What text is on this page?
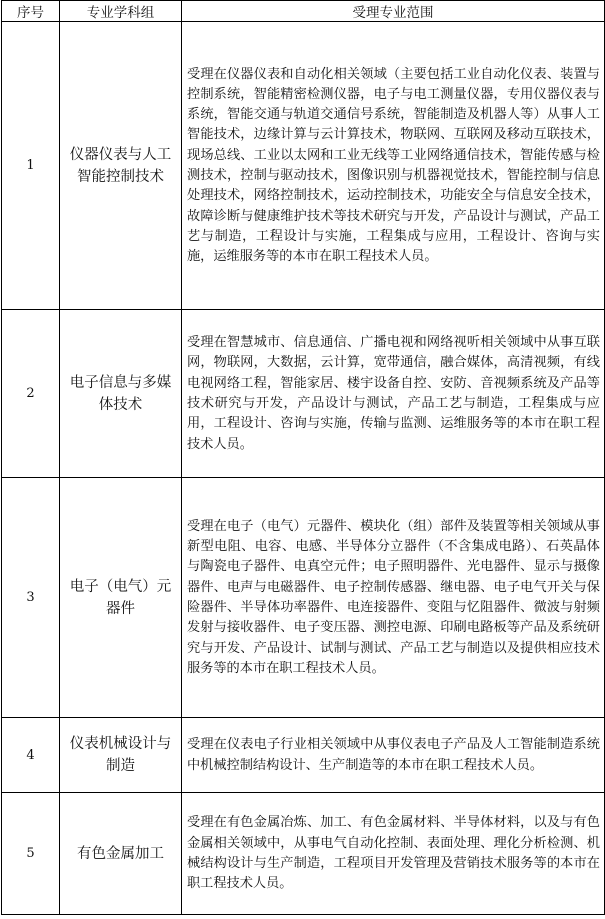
序号	专业学科组	受理专业范围
1	仪器仪表与人工智能控制技术	受理在仪器仪表和自动化相关领域（主要包括工业自动化仪表、装置与控制系统，智能精密检测仪器，电子与电工测量仪器，专用仪器仪表与系统，智能交通与轨道交通信号系统，智能制造及机器人等）从事人工智能技术，边缘计算与云计算技术，物联网、互联网及移动互联技术，现场总线、工业以太网和工业无线等工业网络通信技术，智能传感与检测技术，控制与驱动技术，图像识别与机器视觉技术，智能控制与信息处理技术，网络控制技术，运动控制技术，功能安全与信息安全技术，故障诊断与健康维护技术等技术研究与开发，产品设计与测试，产品工艺与制造，工程设计与实施，工程集成与应用，工程设计、咨询与实施，运维服务等的本市在职工程技术人员。
2	电子信息与多媒体技术	受理在智慧城市、信息通信、广播电视和网络视听相关领域中从事互联网，物联网，大数据，云计算，宽带通信，融合媒体，高清视频，有线电视网络工程，智能家居、楼宇设备自控、安防、音视频系统及产品等技术研究与开发，产品设计与测试，产品工艺与制造，工程集成与应用，工程设计、咨询与实施，传输与监测、运维服务等的本市在职工程技术人员。
3	电子（电气）元器件	受理在电子（电气）元器件、模块化（组）部件及装置等相关领域从事新型电阻、电容、电感、半导体分立器件（不含集成电路）、石英晶体与陶瓷电子器件、电真空元件；电子照明器件、光电器件、显示与摄像器件、电声与电磁器件、电子控制传感器、继电器、电子电气开关与保险器件、半导体功率器件、电连接器件、变阻与忆阻器件、微波与射频发射与接收器件、电子变压器、测控电源、印刷电路板等产品及系统研究与开发、产品设计、试制与测试、产品工艺与制造以及提供相应技术服务等的本市在职工程技术人员。
4	仪表机械设计与制造	受理在仪表电子行业相关领域中从事仪表电子产品及人工智能制造系统中机械控制结构设计、生产制造等的本市在职工程技术人员。
5	有色金属加工	受理在有色金属冶炼、加工、有色金属材料、半导体材料，以及与有色金属相关领域中，从事电气自动化控制、表面处理、理化分析检测、机械结构设计与生产制造，工程项目开发管理及营销技术服务等的本市在职工程技术人员。
